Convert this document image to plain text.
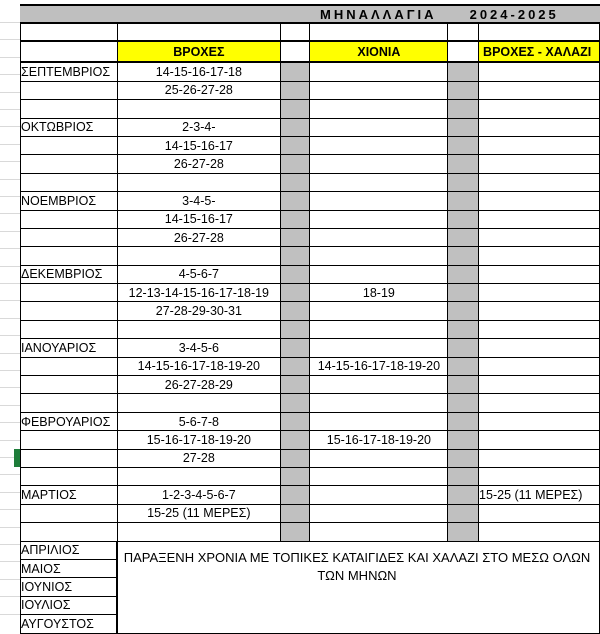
ΜΗΝΑΛΛΑΓΙΑ     2024-2025

	ΒΡΟΧΕΣ		ΧΙΟΝΙΑ		ΒΡΟΧΕΣ - ΧΑΛΑΖΙ
ΣΕΠΤΕΜΒΡΙΟΣ	14-15-16-17-18				
	25-26-27-28				

ΟΚΤΩΒΡΙΟΣ	2-3-4-				
	14-15-16-17				
	26-27-28				

ΝΟΕΜΒΡΙΟΣ	3-4-5-				
	14-15-16-17				
	26-27-28				

ΔΕΚΕΜΒΡΙΟΣ	4-5-6-7				
	12-13-14-15-16-17-18-19		18-19		
	27-28-29-30-31				

ΙΑΝΟΥΑΡΙΟΣ	3-4-5-6				
	14-15-16-17-18-19-20		14-15-16-17-18-19-20		
	26-27-28-29				

ΦΕΒΡΟΥΑΡΙΟΣ	5-6-7-8				
	15-16-17-18-19-20		15-16-17-18-19-20		
	27-28				

ΜΑΡΤΙΟΣ	1-2-3-4-5-6-7				15-25 (11 ΜΕΡΕΣ)
	15-25 (11 ΜΕΡΕΣ)				

ΑΠΡΙΛΙΟΣ					
ΜΑΙΟΣ					
ΙΟΥΝΙΟΣ					
ΙΟΥΛΙΟΣ					
ΑΥΓΟΥΣΤΟΣ					
ΠΑΡΑΞΕΝΗ ΧΡΟΝΙΑ ΜΕ ΤΟΠΙΚΕΣ ΚΑΤΑΙΓΙΔΕΣ ΚΑΙ ΧΑΛΑΖΙ ΣΤΟ ΜΕΣΩ ΟΛΩΝ ΤΩΝ ΜΗΝΩΝ
